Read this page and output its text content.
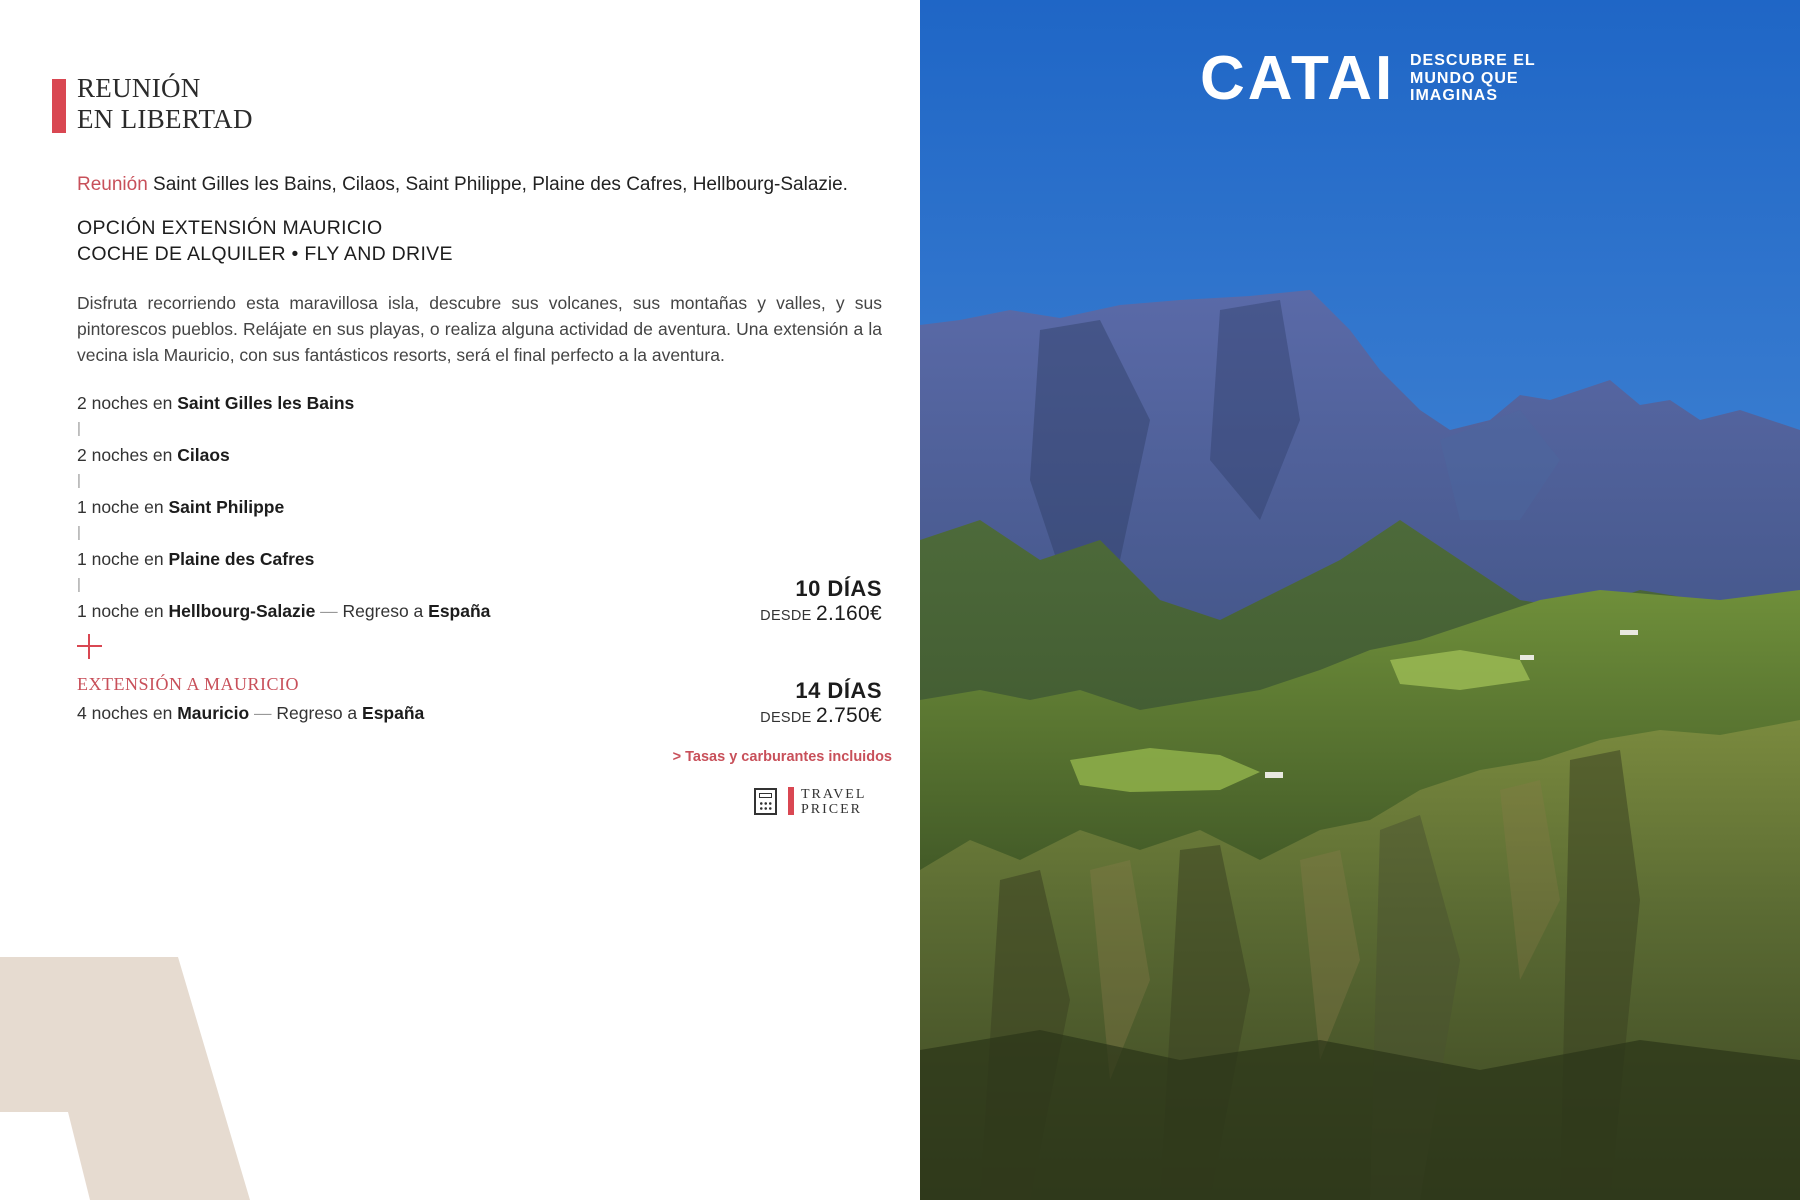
REUNIÓN
EN LIBERTAD
Reunión Saint Gilles les Bains, Cilaos, Saint Philippe, Plaine des Cafres, Hellbourg-Salazie.
OPCIÓN EXTENSIÓN MAURICIO
COCHE DE ALQUILER • FLY AND DRIVE

Disfruta recorriendo esta maravillosa isla, descubre sus volcanes, sus montañas y valles, y sus pintorescos pueblos. Relájate en sus playas, o realiza alguna actividad de aventura. Una extensión a la vecina isla Mauricio, con sus fantásticos resorts, será el final perfecto a la aventura.

2 noches en Saint Gilles les Bains
|
2 noches en Cilaos
|
1 noche en Saint Philippe
|
1 noche en Plaine des Cafres
|
1 noche en Hellbourg-Salazie — Regreso a España
EXTENSIÓN A MAURICIO
4 noches en Mauricio — Regreso a España
10 DÍAS
DESDE 2.160€
14 DÍAS
DESDE 2.750€
> Tasas y carburantes incluidos
TRAVEL
PRICER
CATAI DESCUBRE EL
MUNDO QUE
IMAGINAS
